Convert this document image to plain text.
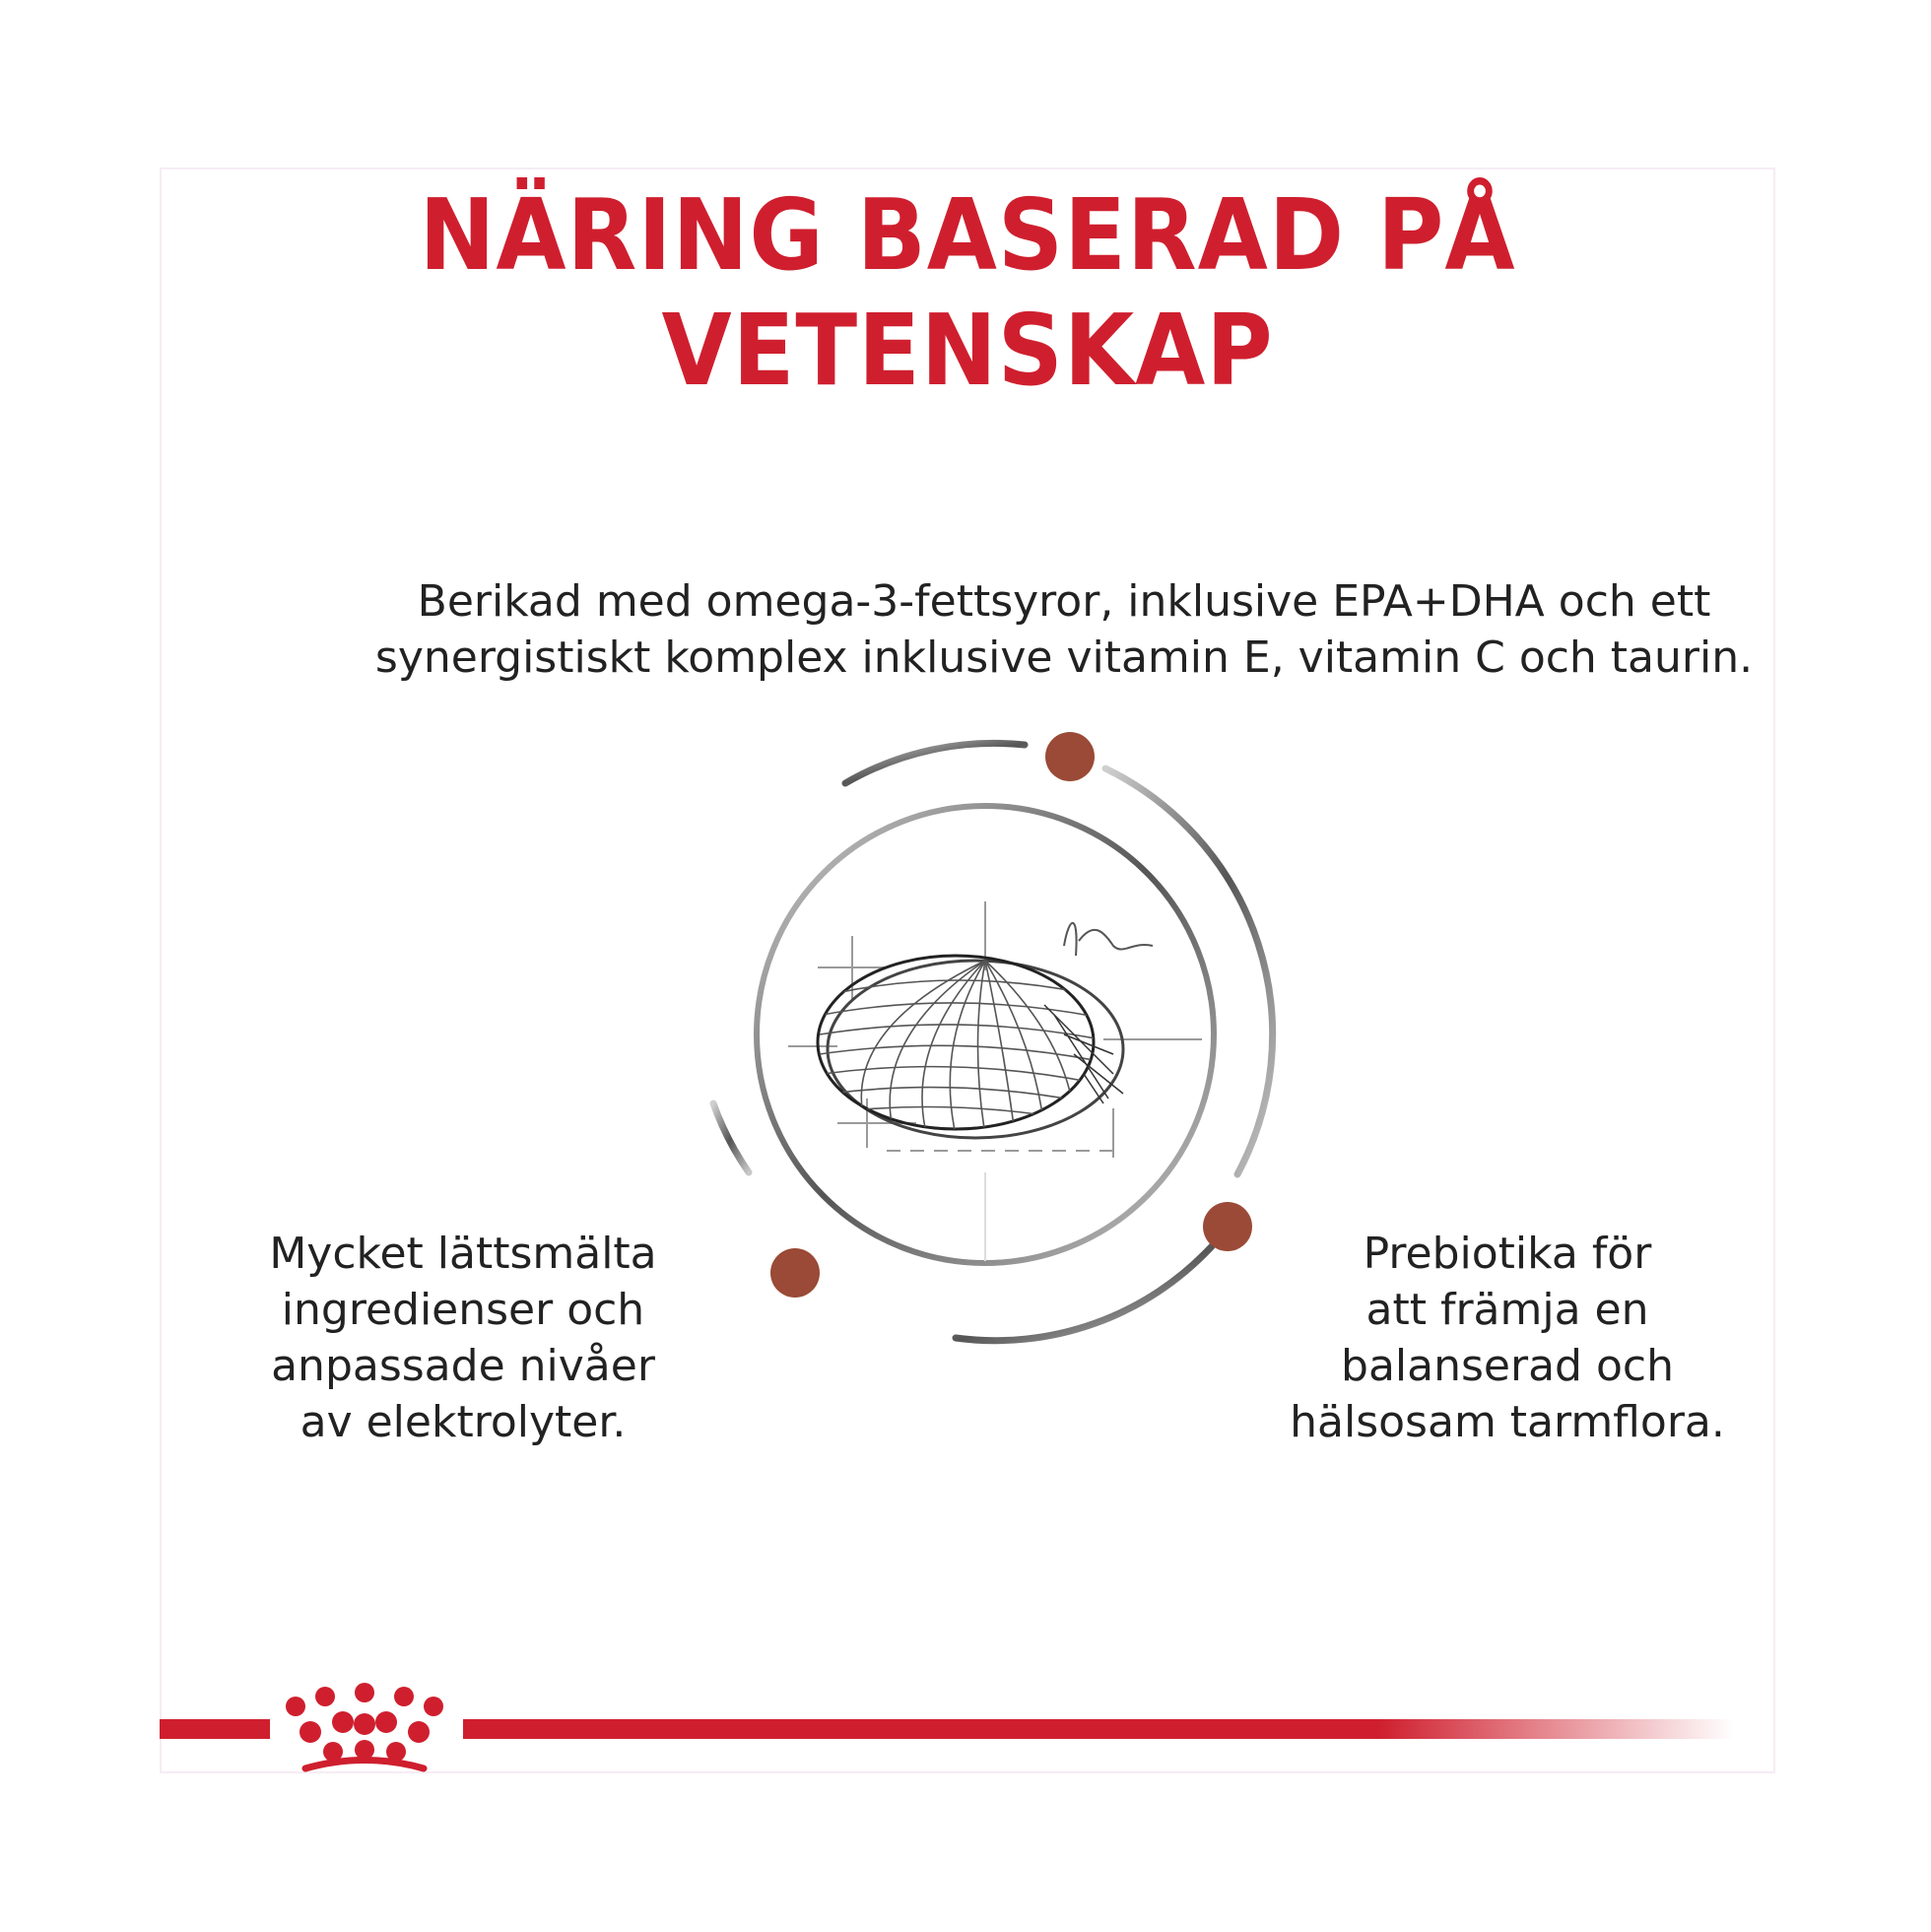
NÄRING BASERAD PÅ VETENSKAP

Berikad med omega-3-fettsyror, inklusive EPA+DHA och ett
synergistiskt komplex inklusive vitamin E, vitamin C och taurin.

Mycket lättsmälta
ingredienser och
anpassade nivåer
av elektrolyter.

Prebiotika för
att främja en
balanserad och
hälsosam tarmflora.
